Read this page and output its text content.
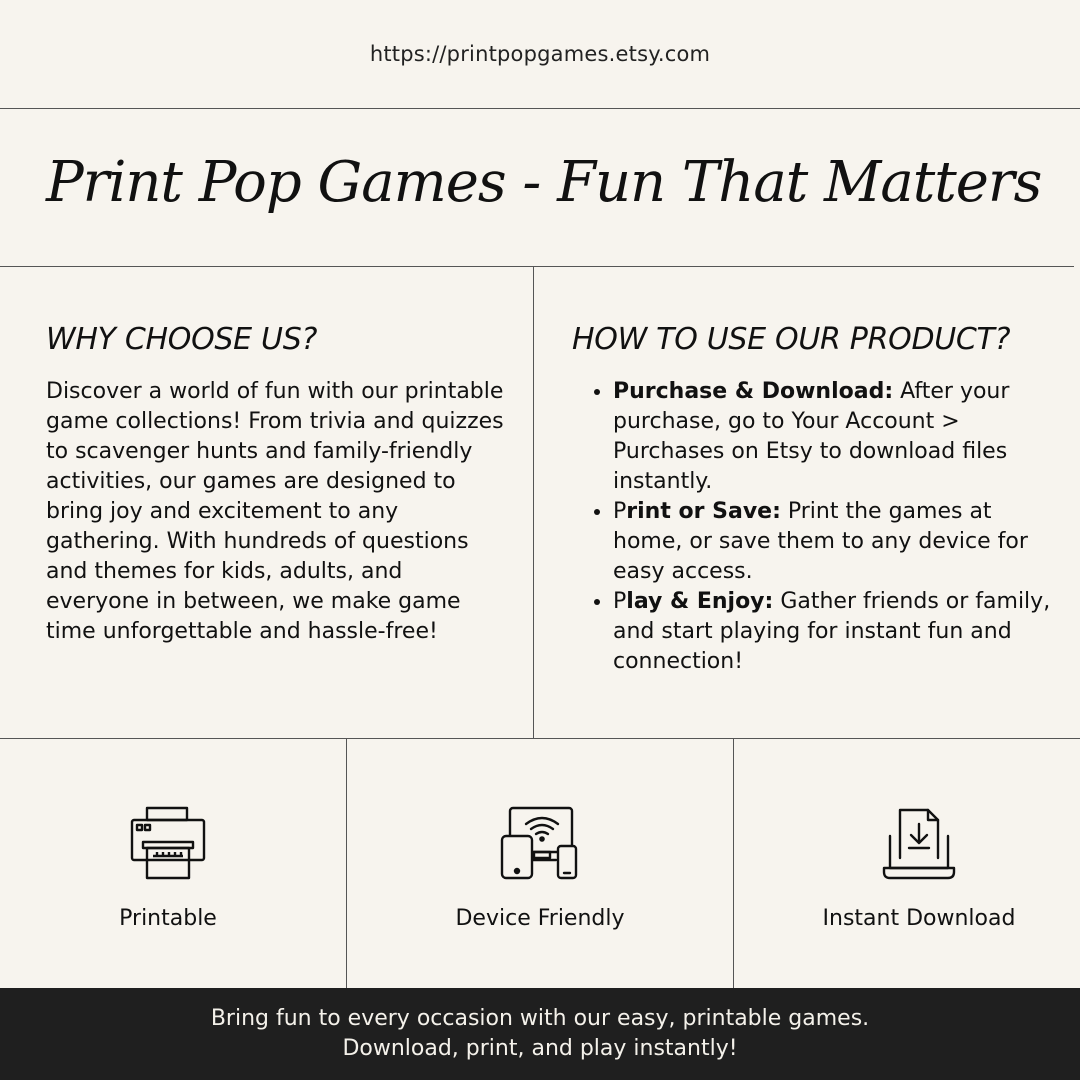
https://printpopgames.etsy.com
Print Pop Games - Fun That Matters
WHY CHOOSE US?
Discover a world of fun with our printable game collections! From trivia and quizzes to scavenger hunts and family-friendly activities, our games are designed to bring joy and excitement to any gathering. With hundreds of questions and themes for kids, adults, and everyone in between, we make game time unforgettable and hassle-free!
HOW TO USE OUR PRODUCT?
• Purchase & Download: After your purchase, go to Your Account > Purchases on Etsy to download files instantly.
• Print or Save: Print the games at home, or save them to any device for easy access.
• Play & Enjoy: Gather friends or family, and start playing for instant fun and connection!
Printable	Device Friendly	Instant Download
Bring fun to every occasion with our easy, printable games.
Download, print, and play instantly!
